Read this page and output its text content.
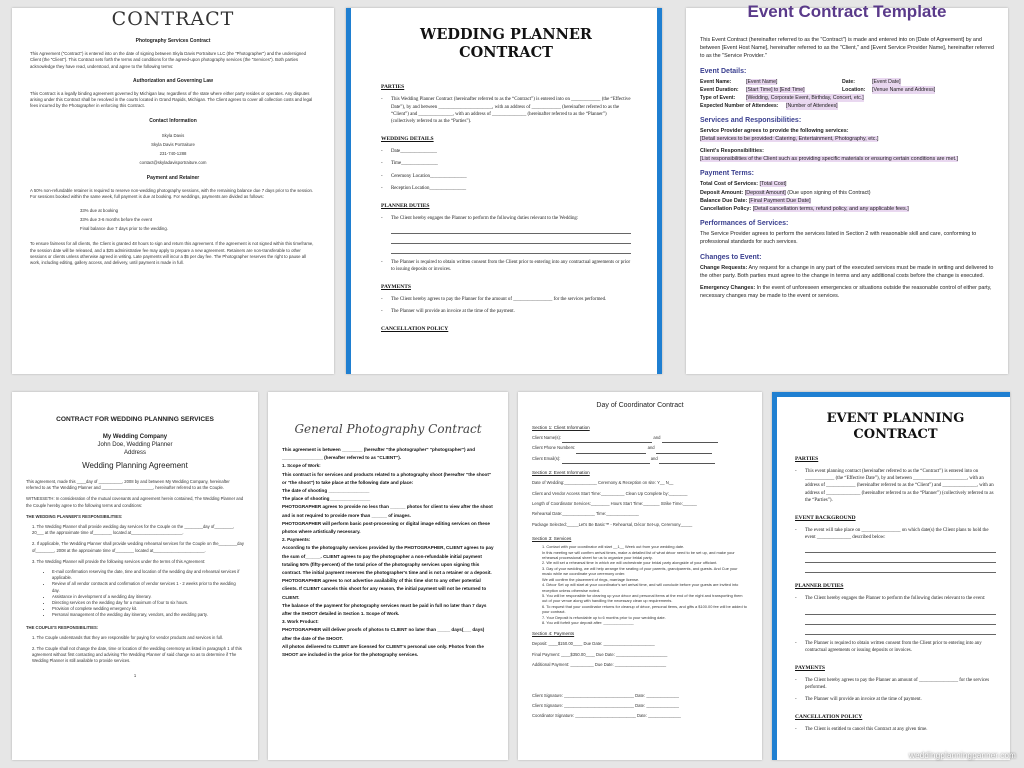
CONTRACT
Photography Services Contract

This Agreement ("Contract") is entered into on the date of signing between Skyla Davis Portraiture LLC (the "Photographer") and the undersigned Client (the "Client"). This Contract sets forth the terms and conditions for the agreed-upon photography services (the "Services"). Both parties acknowledge they have read, understood, and agree to the following terms:

Authorization and Governing Law

This Contract is a legally binding agreement governed by Michigan law, regardless of the state where either party resides or operates. Any disputes arising under this Contract shall be resolved in the courts located in Grand Rapids, Michigan. The Client agrees to cover all collection costs and legal fees incurred by the Photographer in enforcing this Contract.

Contact Information
Skyla Davis
Skyla Davis Portraiture
231-740-1288
contact@skyladavisportraiture.com
Payment and Retainer

A 50% non-refundable retainer is required to reserve non-wedding photography sessions, with the remaining balance due 7 days prior to the session. For sessions booked within the same week, full payment is due at booking. For weddings, payments are divided as follows:

33% due at booking
33% due 3-6 months before the event
Final balance due 7 days prior to the wedding.

To ensure fairness for all clients, the Client is granted 48 hours to sign and return this agreement. If the agreement is not signed within this timeframe, the session date will be released, and a $25 administrative fee may apply to prepare a new agreement. Retainers are non-transferable to other sessions or clients unless otherwise agreed in writing. Late payments will incur a $5 per day fee. The Photographer reserves the right to pause all work, including editing, gallery access, and delivery, until payment is made in full.

WEDDING PLANNER CONTRACT
PARTIES
- This Wedding Planner Contract (hereinafter referred to as the “Contract”) is entered into on ____________ (the “Effective Date”), by and between ______________________, with an address of ____________ (hereinafter referred to as the “Client”) and ______________, with an address of ______________ (hereinafter referred to as the “Planner”) (collectively referred to as the “Parties”).
WEDDING DETAILS
- Date_______________
- Time_______________
- Ceremony Location_______________
- Reception Location_______________
PLANNER DUTIES
- The Client hereby engages the Planner to perform the following duties relevant to the Wedding:
- The Planner is required to obtain written consent from the Client prior to entering into any contractual agreements or prior to issuing deposits or invoices.
PAYMENTS
- The Client hereby agrees to pay the Planner for the amount of ________________ for the services performed.
- The Planner will provide an invoice at the time of the payment.
CANCELLATION POLICY
Event Contract Template

This Event Contract (hereinafter referred to as the "Contract") is made and entered into on [Date of Agreement] by and between [Event Host Name], hereinafter referred to as the "Client," and [Event Service Provider Name], hereinafter referred to as the "Service Provider."

Event Details:
Event Name:	[Event Name]	Date:	[Event Date]
Event Duration:	[Start Time] to [End Time]	Location:	[Venue Name and Address]
Type of Event:	[Wedding, Corporate Event, Birthday, Concert, etc.]
Expected Number of Attendees:	[Number of Attendees]
Services and Responsibilities:

Service Provider agrees to provide the following services:

[Detail services to be provided: Catering, Entertainment, Photography, etc.]

Client's Responsibilities:

[List responsibilities of the Client such as providing specific materials or ensuring certain conditions are met.]

Payment Terms:

Total Cost of Services: [Total Cost]

Deposit Amount: [Deposit Amount] (Due upon signing of this Contract)

Balance Due Date: [Final Payment Due Date]

Cancellation Policy: [Detail cancellation terms, refund policy, and any applicable fees.]

Performances of Services:

The Service Provider agrees to perform the services listed in Section 2 with reasonable skill and care, conforming to professional standards for such services.

Changes to Event:

Change Requests: Any request for a change in any part of the executed services must be made in writing and delivered to the other party. Both parties must agree to the change in terms and any additional costs before the change is executed.

Emergency Changes: In the event of unforeseen emergencies or situations outside the reasonable control of either party, necessary changes may be made to the event or services.

CONTRACT FOR WEDDING PLANNING SERVICES
My Wedding Company
John Doe, Wedding Planner
Address
Wedding Planning Agreement

This agreement, made this ____day of __________, 2008 by and between My Wedding Company, hereinafter referred to as The Wedding Planner and ______________________, hereinafter referred to as the Couple.

WITNESSETH: In consideration of the mutual covenants and agreement herein contained, The Wedding Planner and the Couple hereby agree to the following terms and conditions:

THE WEDDING PLANNER'S RESPONSIBILITIES:

1. The Wedding Planner shall provide wedding day services for the Couple on the ________day of________, 20___ at the approximate time of________ located at______________________.

2. If applicable, The Wedding Planner shall provide wedding rehearsal services for the Couple on the________day of________, 2008 at the approximate time of________ located at______________________.

3. The Wedding Planner will provide the following services under the terms of this Agreement:

• E-mail confirmation reserving the date, time and location of the wedding day and rehearsal services if applicable.
• Review of all vendor contracts and confirmation of vendor services 1 - 2 weeks prior to the wedding day.
• Assistance in development of a wedding day itinerary.
• Directing services on the wedding day for a maximum of four to six hours.
• Provision of complete wedding emergency kit.
• Personal management of the wedding day itinerary, vendors, and the wedding party.

THE COUPLE'S RESPONSIBILITIES:

1. The Couple understands that they are responsible for paying for vendor products and services in full.

2. The Couple shall not change the date, time or location of the wedding ceremony as listed in paragraph 1 of this agreement without first contacting and advising The Wedding Planner of said change so as to determine if The Wedding Planner is still available to provide services.

1
General Photography Contract

This agreement is between ________ (hereafter "the photographer" "photographer") and ________________ (hereafter referred to as "CLIENT").

1. Scope of Work:

This contract is for services and products related to a photography shoot (hereafter "the shoot" or "the shoot") to take place at the following date and place:

The date of shooting ________________

The place of shooting________________

PHOTOGRAPHER agrees to provide no less than ______ photos for client to view after the shoot and is not required to provide more than ______ of images.

PHOTOGRAPHER will perform basic post-processing or digital image editing services on these photos where artistically necessary.

2. Payments:

According to the photography services provided by the PHOTOGRAPHER, CLIENT agrees to pay the sum of______. CLIENT agrees to pay the photographer a non-refundable initial payment totaling 50% (fifty-percent) of the total price of the photography services upon signing this contract. The initial payment reserves the photographer's time and is not a retainer or a deposit. PHOTOGRAPHER agrees to not advertise availability of this time slot to any other potential clients. If CLIENT cancels this shoot for any reason, the initial payment will not be returned to CLIENT.

The balance of the payment for photography services must be paid in full no later than 7 days after the SHOOT detailed in Section 1. Scope of Work.

3. Work Product:

PHOTOGRAPHER will deliver proofs of photos to CLIENT no later than _____ days(___ days) after the date of the SHOOT.

All photos delivered to CLIENT are licensed for CLIENT's personal use only. Photos from the SHOOT are included in the price for the photography services.

Day of Coordinator Contract
Section 1: Client Information
Client Name(s):	and
Client Phone Numbers:	and
Client Email(s):	and
Section 2: Event Information
Date of Wedding:______________ Ceremony & Reception on site: Y__ N__
Client and Vendor Access Start Time:__________ Clean Up Complete by:________
Length of Coordinator Services:________ Hours Start Time:_______ Strike Time:______
Rehearsal Date:______________ Time:______________
Package Selected:_____Let's Be Basic™ - Rehearsal, Décor Set-up, Ceremony_____
Section 3: Services
1. Contact with your coordinator will start __1__ Week out from your wedding date.
In this meeting we will confirm arrival times, make a detailed list of what décor need to be set up, and make your rehearsal processional sheet for us to organize your bridal party.
2. We will set a rehearsal time in which we will orchestrate your bridal party alongside of your officiant.
3. Day of your wedding, we will help arrange the seating of your parents, grandparents, and guests. And Cue your music while we coordinate your ceremony order.
We will confirm the placement of rings, marriage license.
4. Décor Set up will start at your coordinator's set arrival time, and will conclude before your guests are invited into reception unless otherwise noted.
5. You will be responsible for clearing up your décor and personal items at the end of the night and transporting them out of your venue along with handling the necessary clean up requirements.
6. To request that your coordinator returns for cleanup of décor, personal items, and gifts a $100.00 fee will be added to your contract.
7. Your Deposit is refundable up to 6 months prior to your wedding date.
8. You will forfeit your deposit after: ______________
Section 4: Payments
Deposit: ____$150.00____ Due Date: ______________________
Final Payment: ____$350.00____ Due Date: ______________________
Additional Payment: __________ Due Date: ______________________
Client Signature: ______________________________ Date: ______________
Client Signature: ______________________________ Date: ______________
Coordinator Signature: __________________________ Date: ______________
EVENT PLANNING CONTRACT
PARTIES
- This event planning contract (hereinafter referred to as the “Contract”) is entered into on ____________ (the “Effective Date”), by and between ______________________, with an address of ____________ (hereinafter referred to as the “Client”) and ______________, with an address of ______________ (hereinafter referred to as the “Planner”) (collectively referred to as the “Parties”).
EVENT BACKGROUND
- The event will take place on ________________ on which date(s) the Client plans to hold the event ______________ described below:
PLANNER DUTIES
- The Client hereby engages the Planner to perform the following duties relevant to the event:
- The Planner is required to obtain written consent from the Client prior to entering into any contractual agreements or issuing deposits or invoices.
PAYMENTS
- The Client hereby agrees to pay the Planner an amount of ________________ for the services performed.
- The Planner will provide an invoice at the time of payment.
CANCELLATION POLICY
- The Client is entitled to cancel this Contract at any given time.
weddingplanningpanner.com
